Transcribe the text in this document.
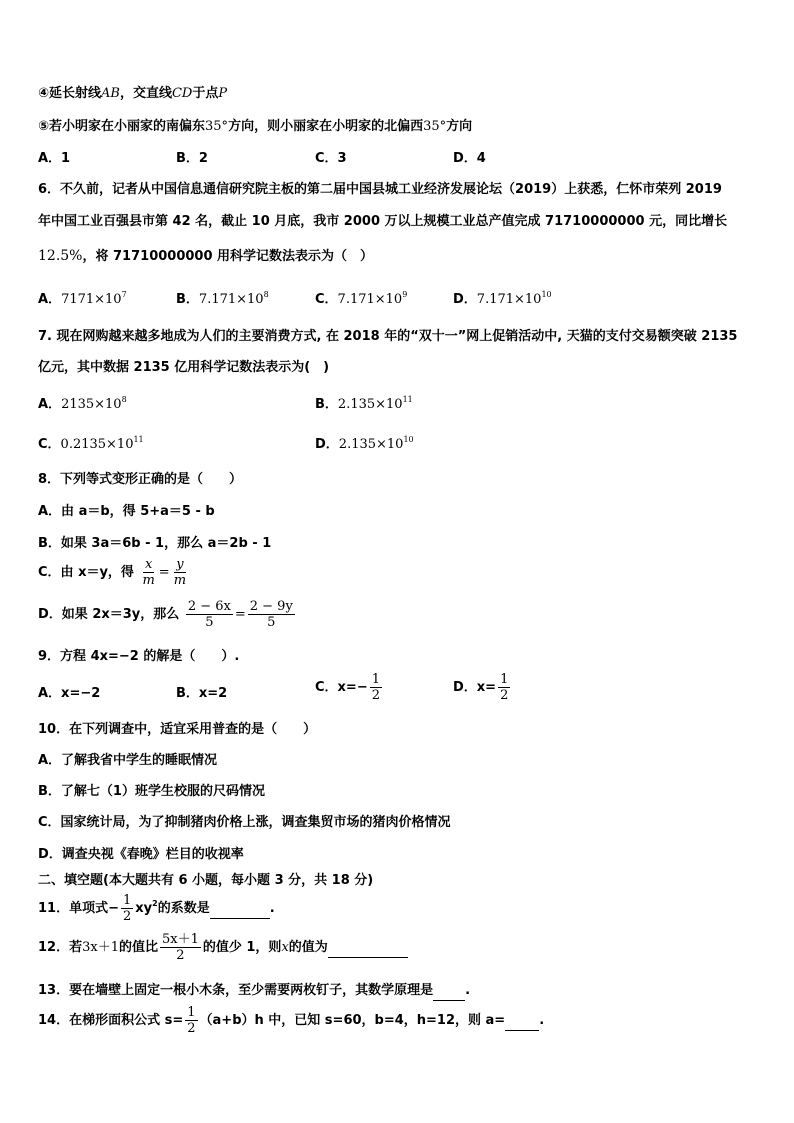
④延长射线AB，交直线CD于点P
⑤若小明家在小丽家的南偏东35°方向，则小丽家在小明家的北偏西35°方向
A．1	B．2	C．3	D．4
6．不久前，记者从中国信息通信研究院主板的第二届中国县城工业经济发展论坛（2019）上获悉，仁怀市荣列 2019
年中国工业百强县市第 42 名，截止 10 月底，我市 2000 万以上规模工业总产值完成 71710000000 元，同比增长
12.5%，将 71710000000 用科学记数法表示为（　）
A．$7171\times 10^7$	B．$7.171\times 10^8$	C．$7.171\times 10^9$	D．$7.171\times 10^{10}$
7. 现在网购越来越多地成为人们的主要消费方式, 在 2018 年的“双十一”网上促销活动中, 天猫的支付交易额突破 2135
亿元，其中数据 2135 亿用科学记数法表示为(　)
A．$2135\times 10^8$	B．$2.135\times 10^{11}$
C．$0.2135\times 10^{11}$	D．$2.135\times 10^{10}$
8．下列等式变形正确的是（　　）
A．由 a＝b，得 5+a＝5 - b
B．如果 3a＝6b - 1，那么 a＝2b - 1
C．由 x＝y，得 $\frac{x}{m} = \frac{y}{m}$
D．如果 2x＝3y，那么 $\frac{2 - 6x}{5} = \frac{2 - 9y}{5}$
9．方程 4x=−2 的解是（　　）.
A．x=−2	B．x=2	C．$x=- \frac{1}{2}$	D．$x= \frac{1}{2}$
10．在下列调查中，适宜采用普查的是（　　）
A．了解我省中学生的睡眠情况
B．了解七（1）班学生校服的尺码情况
C．国家统计局，为了抑制猪肉价格上涨，调查集贸市场的猪肉价格情况
D．调查央视《春晚》栏目的收视率
二、填空题(本大题共有 6 小题，每小题 3 分，共 18 分)
11．单项式− $\frac{1}{2} xy^2$的系数是	.
12．若3x＋1的值比 $\frac{5x+1}{2}$ 的值少 1，则x的值为
13．要在墙壁上固定一根小木条，至少需要两枚钉子，其数学原理是 .
14．在梯形面积公式 $s= \frac{1}{2} (a+b)h$ 中，已知 s=60，b=4，h=12，则 a=	.
